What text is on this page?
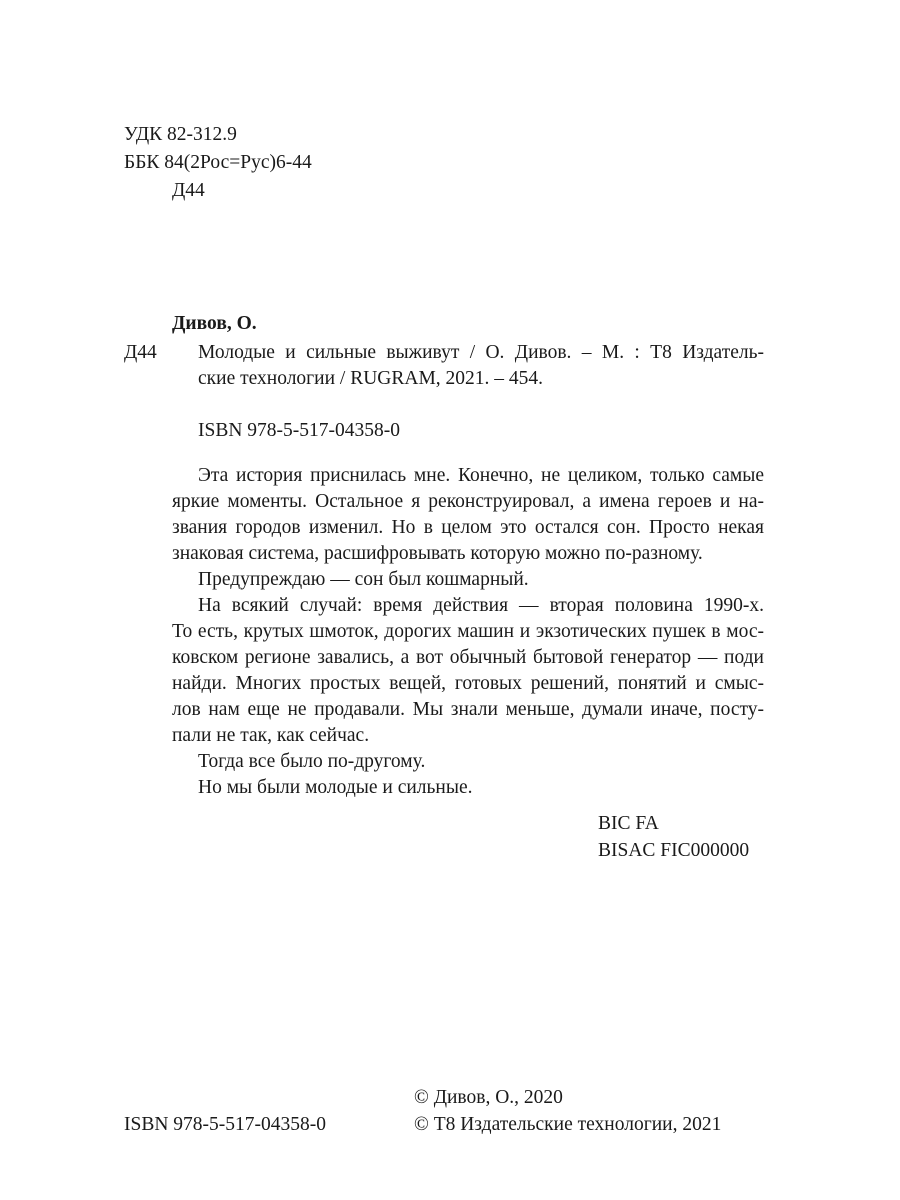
УДК 82-312.9
ББК 84(2Рос=Рус)6-44
Д44
Дивов, О.
Д44 Молодые и сильные выживут / О. Дивов. – М. : Т8 Издатель-
ские технологии / RUGRAM, 2021. – 454.
ISBN 978-5-517-04358-0
Эта история приснилась мне. Конечно, не целиком, только самые
яркие моменты. Остальное я реконструировал, а имена героев и на-
звания городов изменил. Но в целом это остался сон. Просто некая
знаковая система, расшифровывать которую можно по-разному.
Предупреждаю — сон был кошмарный.
На всякий случай: время действия — вторая половина 1990-х.
То есть, крутых шмоток, дорогих машин и экзотических пушек в мос-
ковском регионе завались, а вот обычный бытовой генератор — поди
найди. Многих простых вещей, готовых решений, понятий и смыс-
лов нам еще не продавали. Мы знали меньше, думали иначе, посту-
пали не так, как сейчас.
Тогда все было по-другому.
Но мы были молодые и сильные.
BIC FA
BISAC FIC000000
© Дивов, О., 2020
ISBN 978-5-517-04358-0	© Т8 Издательские технологии, 2021
